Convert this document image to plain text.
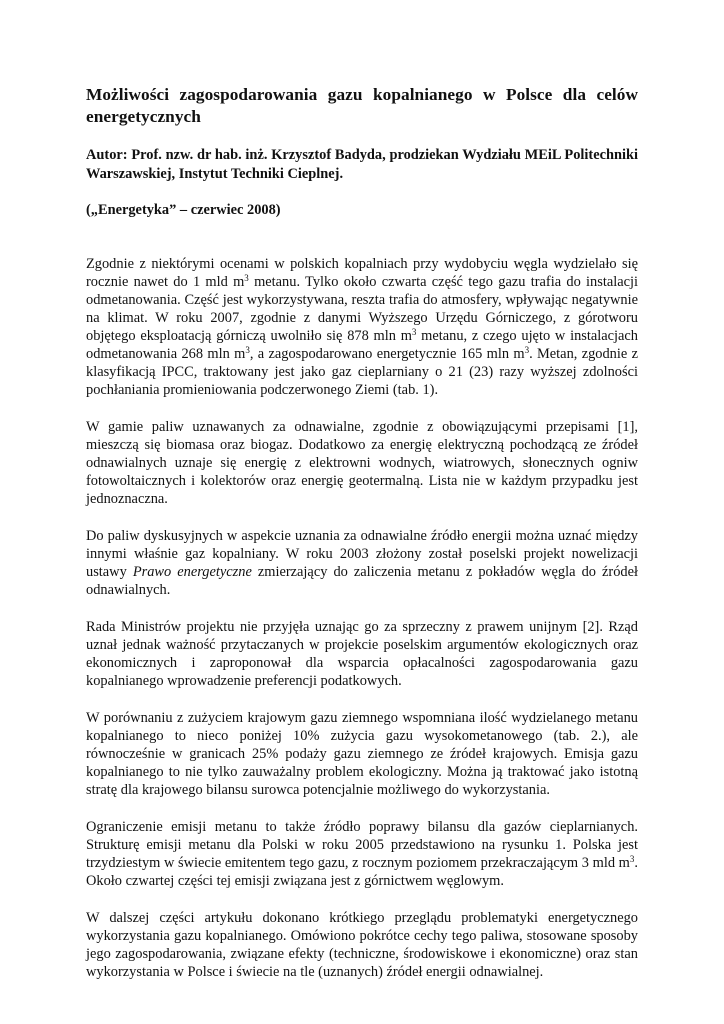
Możliwości zagospodarowania gazu kopalnianego w Polsce dla celów energetycznych

Autor: Prof. nzw. dr hab. inż. Krzysztof Badyda, prodziekan Wydziału MEiL Politechniki Warszawskiej, Instytut Techniki Cieplnej.

(„Energetyka” – czerwiec 2008)

Zgodnie z niektórymi ocenami w polskich kopalniach przy wydobyciu węgla wydzielało się rocznie nawet do 1 mld $m^3$ metanu. Tylko około czwarta część tego gazu trafia do instalacji odmetanowania. Część jest wykorzystywana, reszta trafia do atmosfery, wpływając negatywnie na klimat. W roku 2007, zgodnie z danymi Wyższego Urzędu Górniczego, z górotworu objętego eksploatacją górniczą uwolniło się 878 mln $m^3$ metanu, z czego ujęto w instalacjach odmetanowania 268 mln $m^3$, a zagospodarowano energetycznie 165 mln $m^3$. Metan, zgodnie z klasyfikacją IPCC, traktowany jest jako gaz cieplarniany o 21 (23) razy wyższej zdolności pochłaniania promieniowania podczerwonego Ziemi (tab. 1).

W gamie paliw uznawanych za odnawialne, zgodnie z obowiązującymi przepisami [1], mieszczą się biomasa oraz biogaz. Dodatkowo za energię elektryczną pochodzącą ze źródeł odnawialnych uznaje się energię z elektrowni wodnych, wiatrowych, słonecznych ogniw fotowoltaicznych i kolektorów oraz energię geotermalną. Lista nie w każdym przypadku jest jednoznaczna.

Do paliw dyskusyjnych w aspekcie uznania za odnawialne źródło energii można uznać między innymi właśnie gaz kopalniany. W roku 2003 złożony został poselski projekt nowelizacji ustawy Prawo energetyczne zmierzający do zaliczenia metanu z pokładów węgla do źródeł odnawialnych.

Rada Ministrów projektu nie przyjęła uznając go za sprzeczny z prawem unijnym [2]. Rząd uznał jednak ważność przytaczanych w projekcie poselskim argumentów ekologicznych oraz ekonomicznych i zaproponował dla wsparcia opłacalności zagospodarowania gazu kopalnianego wprowadzenie preferencji podatkowych.

W porównaniu z zużyciem krajowym gazu ziemnego wspomniana ilość wydzielanego metanu kopalnianego to nieco poniżej 10% zużycia gazu wysokometanowego (tab. 2.), ale równocześnie w granicach 25% podaży gazu ziemnego ze źródeł krajowych. Emisja gazu kopalnianego to nie tylko zauważalny problem ekologiczny. Można ją traktować jako istotną stratę dla krajowego bilansu surowca potencjalnie możliwego do wykorzystania.

Ograniczenie emisji metanu to także źródło poprawy bilansu dla gazów cieplarnianych. Strukturę emisji metanu dla Polski w roku 2005 przedstawiono na rysunku 1. Polska jest trzydziestym w świecie emitentem tego gazu, z rocznym poziomem przekraczającym 3 mld $m^3$. Około czwartej części tej emisji związana jest z górnictwem węglowym.

W dalszej części artykułu dokonano krótkiego przeglądu problematyki energetycznego wykorzystania gazu kopalnianego. Omówiono pokrótce cechy tego paliwa, stosowane sposoby jego zagospodarowania, związane efekty (techniczne, środowiskowe i ekonomiczne) oraz stan wykorzystania w Polsce i świecie na tle (uznanych) źródeł energii odnawialnej.
